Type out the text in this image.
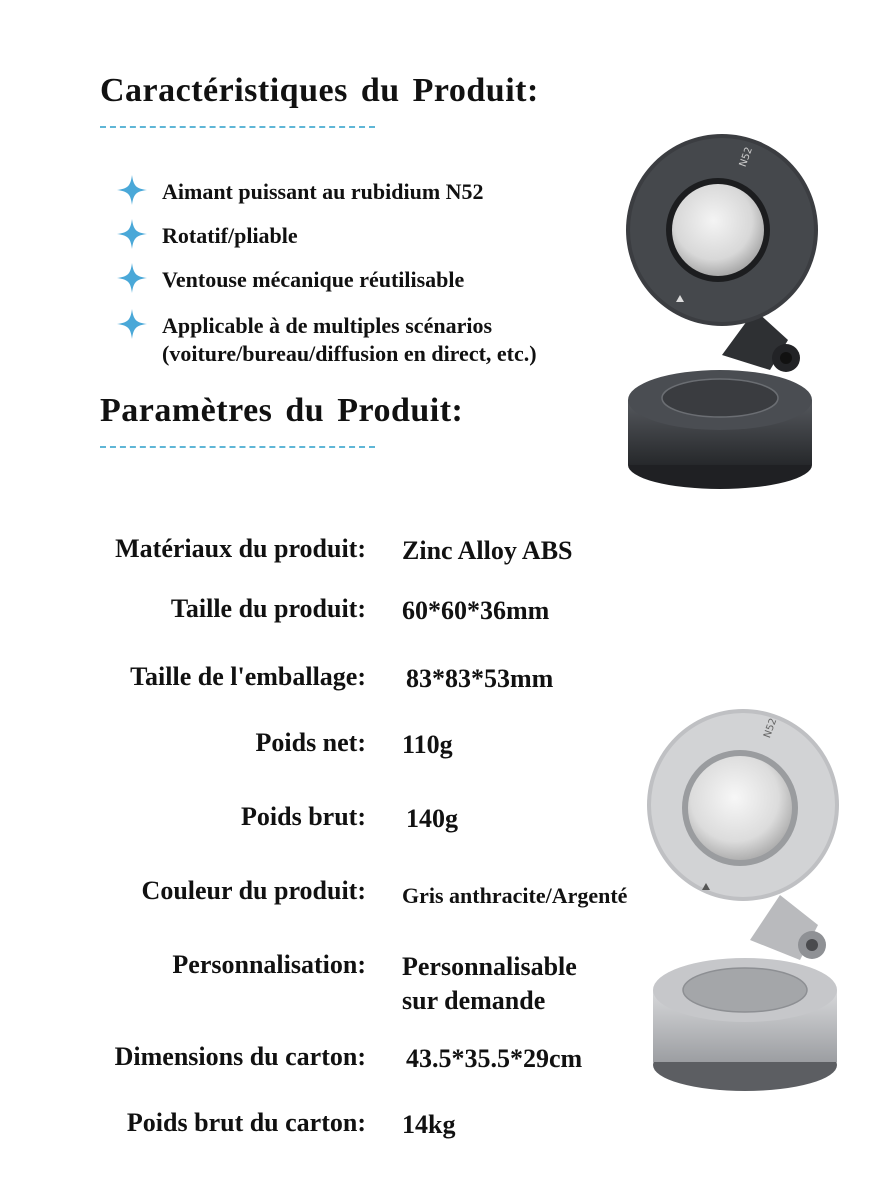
Caractéristiques du Produit:
Aimant puissant au rubidium N52
Rotatif/pliable
Ventouse mécanique réutilisable
Applicable à de multiples scénarios
(voiture/bureau/diffusion en direct, etc.)
Paramètres du Produit:
N52
N52
Matériaux du produit: Zinc Alloy ABS
Taille du produit: 60*60*36mm
Taille de l'emballage: 83*83*53mm
Poids net: 110g
Poids brut: 140g
Couleur du produit: Gris anthracite/Argenté
Personnalisation: Personnalisable
sur demande
Dimensions du carton: 43.5*35.5*29cm
Poids brut du carton: 14kg
